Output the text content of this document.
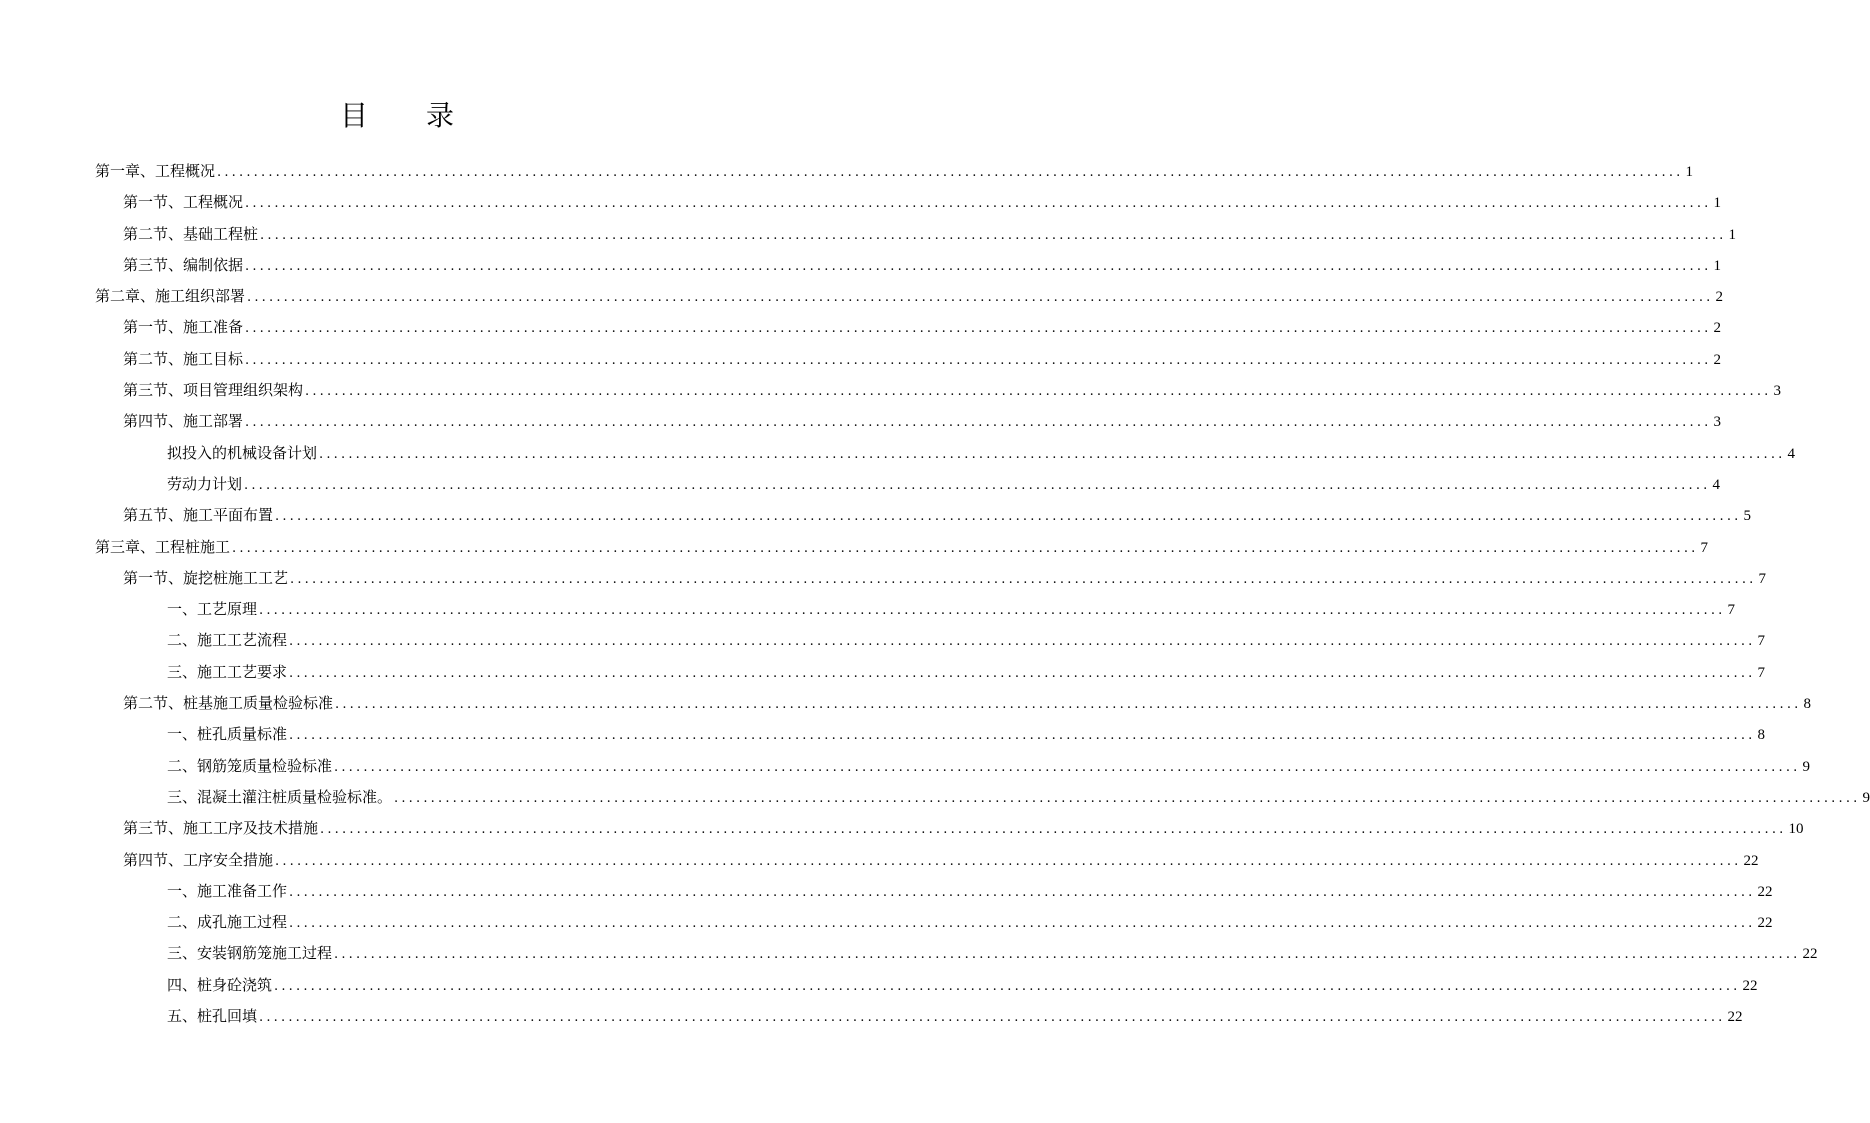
目 录
第一章、工程概况 ........................................................................................................................................................................................................ 1
第一节、工程概况 ........................................................................................................................................................................................................ 1
第二节、基础工程桩 ........................................................................................................................................................................................................ 1
第三节、编制依据 ........................................................................................................................................................................................................ 1
第二章、施工组织部署 ........................................................................................................................................................................................................ 2
第一节、施工准备 ........................................................................................................................................................................................................ 2
第二节、施工目标 ........................................................................................................................................................................................................ 2
第三节、项目管理组织架构 ........................................................................................................................................................................................................ 3
第四节、施工部署 ........................................................................................................................................................................................................ 3
拟投入的机械设备计划 ........................................................................................................................................................................................................ 4
劳动力计划 ........................................................................................................................................................................................................ 4
第五节、施工平面布置 ........................................................................................................................................................................................................ 5
第三章、工程桩施工 ........................................................................................................................................................................................................ 7
第一节、旋挖桩施工工艺 ........................................................................................................................................................................................................ 7
一、工艺原理 ........................................................................................................................................................................................................ 7
二、施工工艺流程 ........................................................................................................................................................................................................ 7
三、施工工艺要求 ........................................................................................................................................................................................................ 7
第二节、桩基施工质量检验标准 ........................................................................................................................................................................................................ 8
一、桩孔质量标准 ........................................................................................................................................................................................................ 8
二、钢筋笼质量检验标准 ........................................................................................................................................................................................................ 9
三、混凝土灌注桩质量检验标准。 ........................................................................................................................................................................................................ 9
第三节、施工工序及技术措施 ........................................................................................................................................................................................................ 10
第四节、工序安全措施 ........................................................................................................................................................................................................ 22
一、施工准备工作 ........................................................................................................................................................................................................ 22
二、成孔施工过程 ........................................................................................................................................................................................................ 22
三、安装钢筋笼施工过程 ........................................................................................................................................................................................................ 22
四、桩身砼浇筑 ........................................................................................................................................................................................................ 22
五、桩孔回填 ........................................................................................................................................................................................................ 22
